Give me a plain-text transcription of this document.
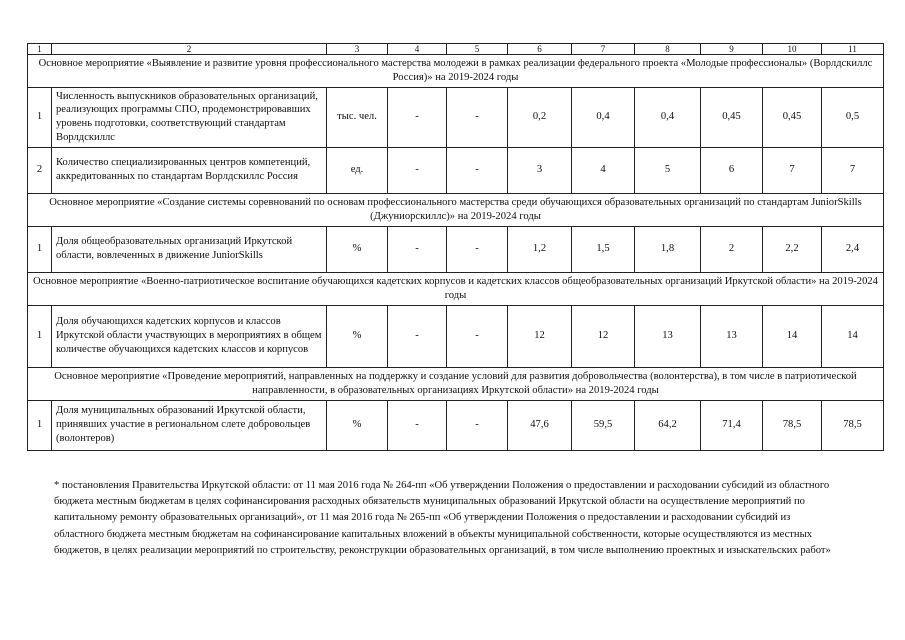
1	2	3	4	5	6	7	8	9	10	11
Основное мероприятие «Выявление и развитие уровня профессионального мастерства молодежи в рамках реализации федерального проекта «Молодые профессионалы» (Ворлдскиллс Россия)» на 2019-2024 годы										
1	Численность выпускников образовательных организаций, реализующих программы СПО, продемонстрировавших уровень подготовки, соответствующий стандартам Ворлдскиллс	тыс. чел.	-	-	0,2	0,4	0,4	0,45	0,45	0,5
2	Количество специализированных центров компетенций, аккредитованных по стандартам Ворлдскиллс Россия	ед.	-	-	3	4	5	6	7	7
Основное мероприятие «Создание системы соревнований по основам профессионального мастерства среди обучающихся образовательных организаций по стандартам JuniorSkills (Джуниорскиллс)» на 2019-2024 годы										
1	Доля общеобразовательных организаций Иркутской области, вовлеченных в движение JuniorSkills	%	-	-	1,2	1,5	1,8	2	2,2	2,4
Основное мероприятие «Военно-патриотическое воспитание обучающихся кадетских корпусов и кадетских классов общеобразовательных организаций Иркутской области» на 2019-2024 годы										
1	Доля обучающихся кадетских корпусов и классов Иркутской области участвующих в мероприятиях в общем количестве обучающихся кадетских классов и корпусов	%	-	-	12	12	13	13	14	14
Основное мероприятие «Проведение мероприятий, направленных на поддержку и создание условий для развития добровольчества (волонтерства), в том числе в патриотической направленности, в образовательных организациях Иркутской области» на 2019-2024 годы										
1	Доля муниципальных образований Иркутской области, принявших участие в региональном слете добровольцев (волонтеров)	%	-	-	47,6	59,5	64,2	71,4	78,5	78,5

* постановления Правительства Иркутской области: от 11 мая 2016 года № 264-пп «Об утверждении Положения о предоставлении и расходовании субсидий из областного бюджета местным бюджетам в целях софинансирования расходных обязательств муниципальных образований Иркутской области на осуществление мероприятий по капитальному ремонту образовательных организаций», от 11 мая 2016 года № 265-пп «Об утверждении Положения о предоставлении и расходовании субсидий из областного бюджета местным бюджетам на софинансирование капитальных вложений в объекты муниципальной собственности, которые осуществляются из местных бюджетов, в целях реализации мероприятий по строительству, реконструкции образовательных организаций, в том числе выполнению проектных и изыскательских работ»
